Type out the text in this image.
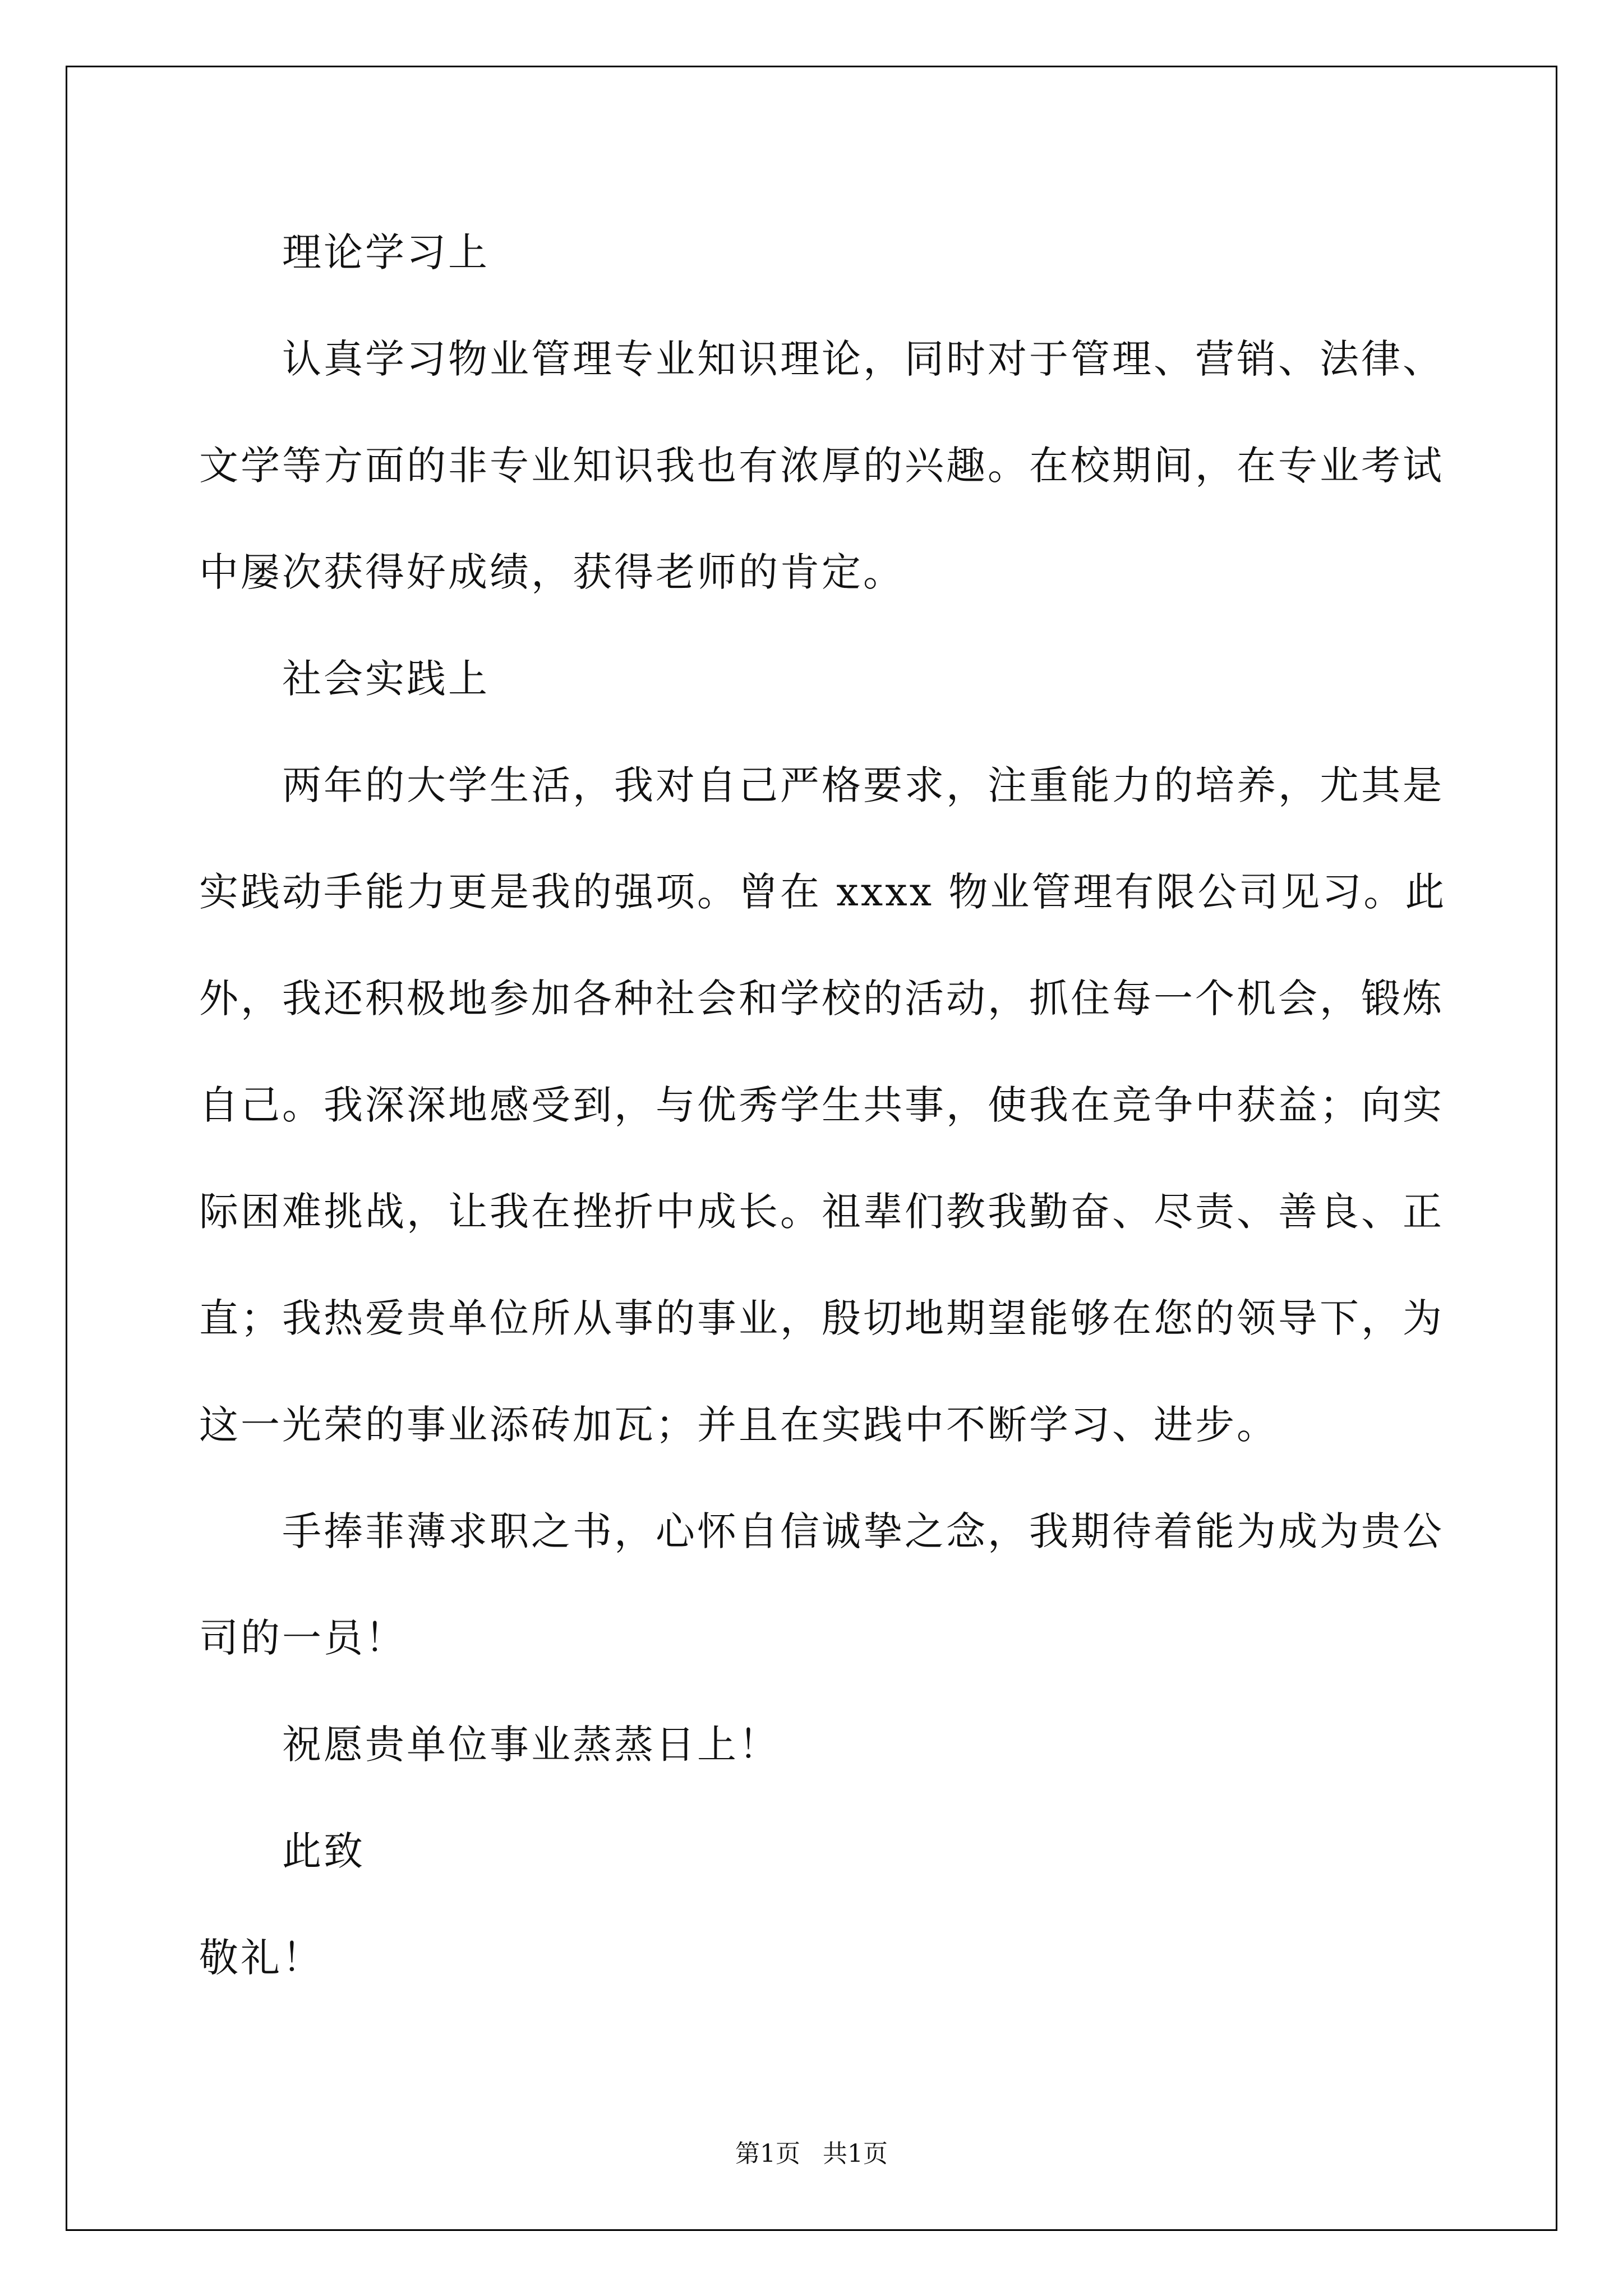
理论学习上

认真学习物业管理专业知识理论，同时对于管理、营销、法律、文学等方面的非专业知识我也有浓厚的兴趣。在校期间，在专业考试中屡次获得好成绩，获得老师的肯定。

社会实践上

两年的大学生活，我对自己严格要求，注重能力的培养，尤其是实践动手能力更是我的强项。曾在 xxxx 物业管理有限公司见习。此外，我还积极地参加各种社会和学校的活动，抓住每一个机会，锻炼自己。我深深地感受到，与优秀学生共事，使我在竞争中获益；向实际困难挑战，让我在挫折中成长。祖辈们教我勤奋、尽责、善良、正直；我热爱贵单位所从事的事业，殷切地期望能够在您的领导下，为这一光荣的事业添砖加瓦；并且在实践中不断学习、进步。

手捧菲薄求职之书，心怀自信诚挚之念，我期待着能为成为贵公司的一员！

祝愿贵单位事业蒸蒸日上！

此致

敬礼！

第1页 共1页
